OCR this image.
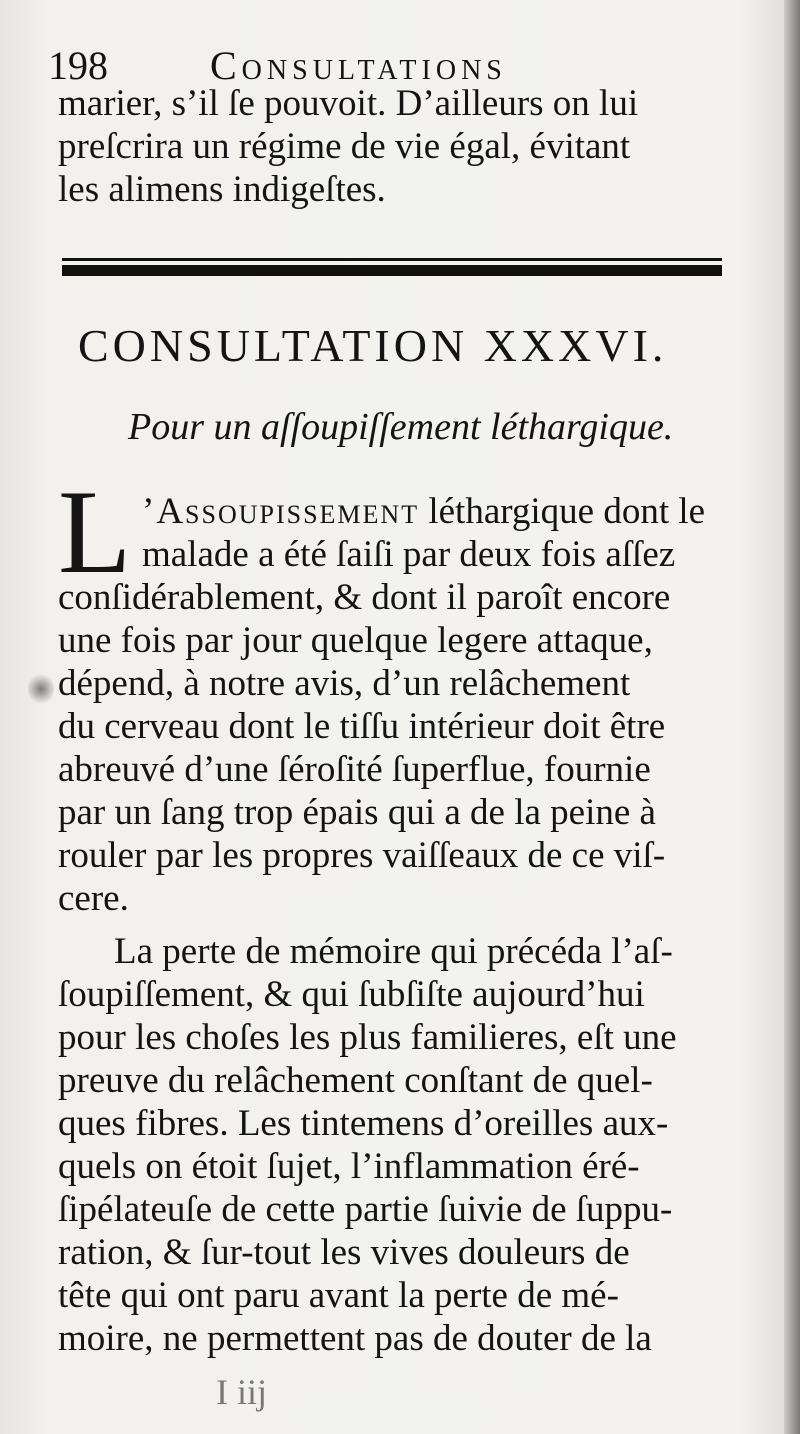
198	Consultations
marier, s’il ſe pouvoit. D’ailleurs on lui
preſcrira un régime de vie égal, évitant
les alimens indigeſtes.
CONSULTATION XXXVI.
Pour un aſſoupiſſement léthargique.
L ’Assoupissement léthargique dont le
malade a été ſaiſi par deux fois aſſez
conſidérablement, & dont il paroît encore
une fois par jour quelque legere attaque,
dépend, à notre avis, d’un relâchement
du cerveau dont le tiſſu intérieur doit être
abreuvé d’une ſéroſité ſuperflue, fournie
par un ſang trop épais qui a de la peine à
rouler par les propres vaiſſeaux de ce viſ-
cere.
La perte de mémoire qui précéda l’aſ-
ſoupiſſement, & qui ſubſiſte aujourd’hui
pour les choſes les plus familieres, eſt une
preuve du relâchement conſtant de quel-
ques fibres. Les tintemens d’oreilles aux-
quels on étoit ſujet, l’inflammation éré-
ſipélateuſe de cette partie ſuivie de ſuppu-
ration, & ſur-tout les vives douleurs de
tête qui ont paru avant la perte de mé-
moire, ne permettent pas de douter de la
I iij
